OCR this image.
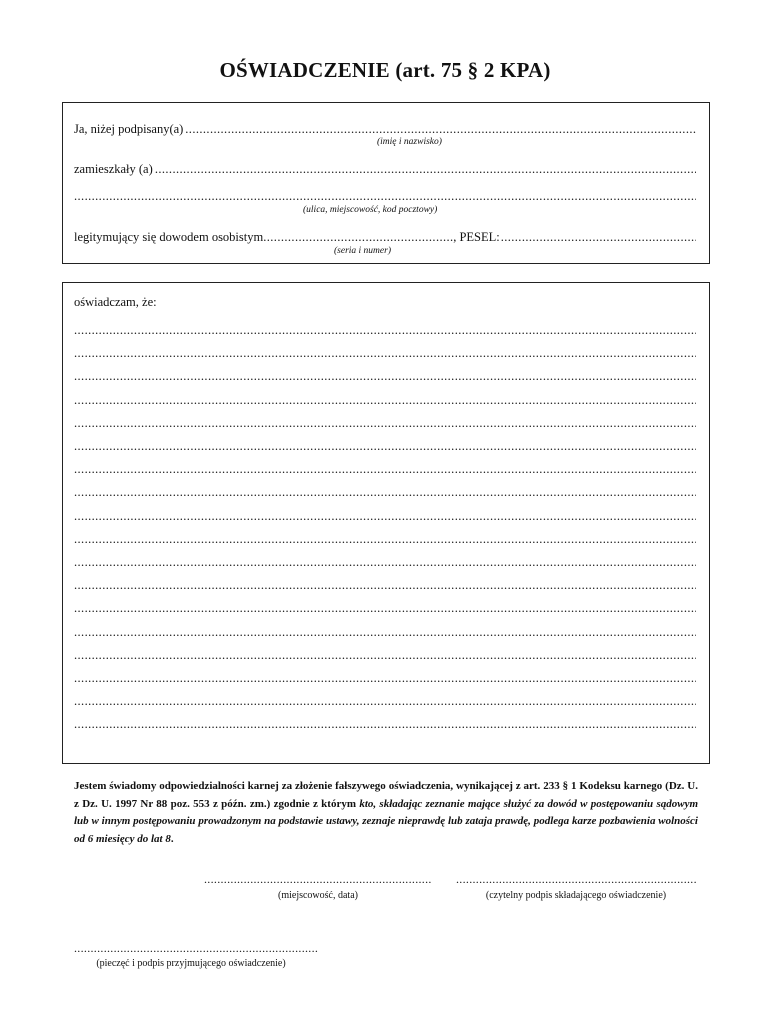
OŚWIADCZENIE (art. 75 § 2 KPA)
Ja, niżej podpisany(a)
.....
(imię i nazwisko)
zamieszkały (a)
.....
.....
(ulica, miejscowość, kod pocztowy)
legitymujący się dowodem osobistym
.....	, PESEL:
.....
(seria i numer)
oświadczam, że:
.....
.....
.....
.....
.....
.....
.....
.....
.....
.....
.....
.....
.....
.....
.....
.....
.....
.....
Jestem świadomy odpowiedzialności karnej za złożenie fałszywego oświadczenia, wynikającej z art. 233 § 1 Kodeksu karnego (Dz. U. z Dz. U. 1997 Nr 88 poz. 553 z późn. zm.) zgodnie z którym kto, składając zeznanie mające służyć za dowód w postępowaniu sądowym lub w innym postępowaniu prowadzonym na podstawie ustawy, zeznaje nieprawdę lub zataja prawdę, podlega karze pozbawienia wolności od 6 miesięcy do lat 8.
.....
(miejscowość, data)
.....	(czytelny podpis składającego oświadczenie)
.....
(pieczęć i podpis przyjmującego oświadczenie)
